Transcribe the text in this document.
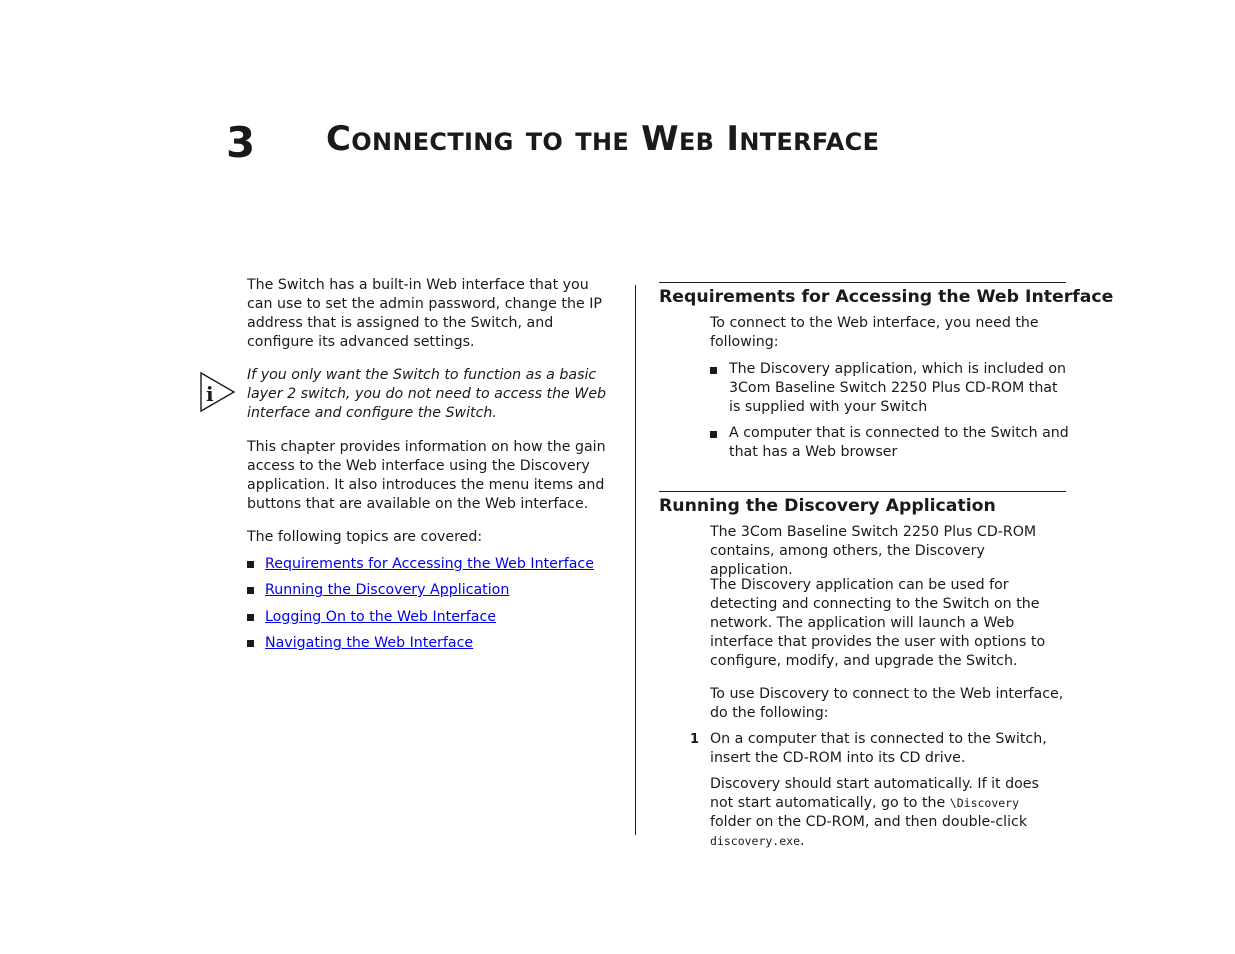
3 Connecting to the Web Interface

The Switch has a built-in Web interface that you can use to set the admin password, change the IP address that is assigned to the Switch, and configure its advanced settings.

i

If you only want the Switch to function as a basic layer 2 switch, you do not need to access the Web interface and configure the Switch.

This chapter provides information on how the gain access to the Web interface using the Discovery application. It also introduces the menu items and buttons that are available on the Web interface.

The following topics are covered:

Requirements for Accessing the Web Interface
Running the Discovery Application
Logging On to the Web Interface
Navigating the Web Interface
Requirements for Accessing the Web Interface

To connect to the Web interface, you need the following:

The Discovery application, which is included on 3Com Baseline Switch 2250 Plus CD-ROM that is supplied with your Switch

A computer that is connected to the Switch and that has a Web browser

Running the Discovery Application

The 3Com Baseline Switch 2250 Plus CD-ROM contains, among others, the Discovery application.

The Discovery application can be used for detecting and connecting to the Switch on the network. The application will launch a Web interface that provides the user with options to configure, modify, and upgrade the Switch.

To use Discovery to connect to the Web interface, do the following:

1 On a computer that is connected to the Switch, insert the CD-ROM into its CD drive.

Discovery should start automatically. If it does not start automatically, go to the \Discovery folder on the CD-ROM, and then double-click discovery.exe.
